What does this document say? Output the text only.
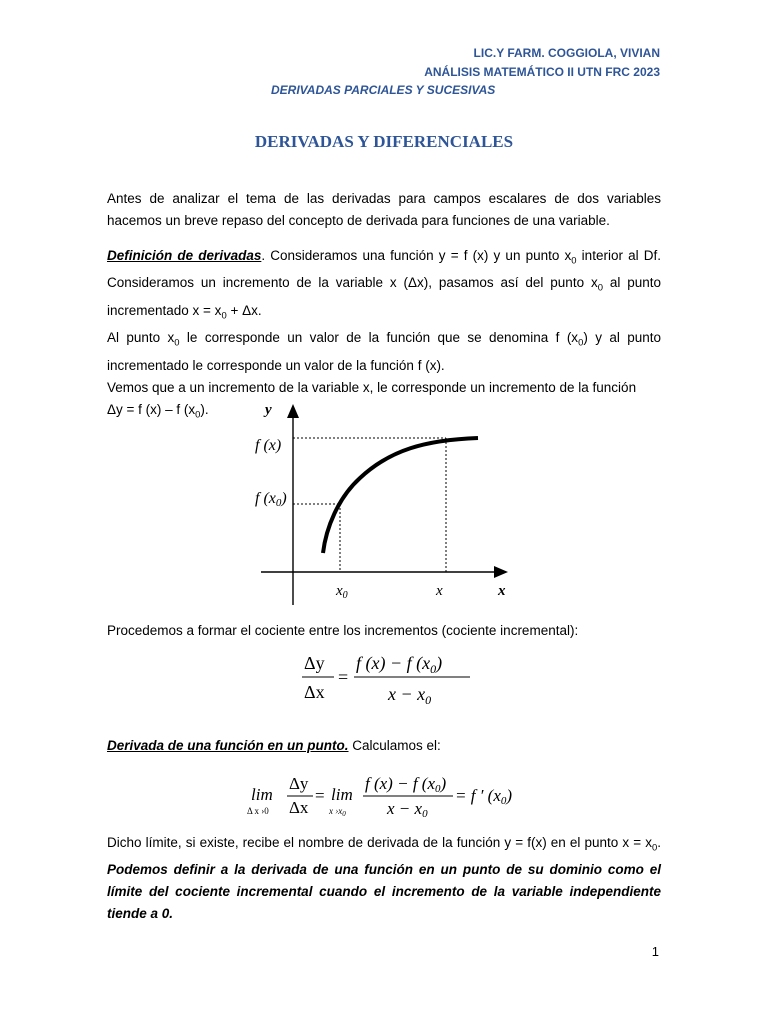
LIC.Y FARM. COGGIOLA, VIVIAN
ANÁLISIS MATEMÁTICO II UTN FRC 2023
DERIVADAS PARCIALES Y SUCESIVAS
DERIVADAS Y DIFERENCIALES
Antes de analizar el tema de las derivadas para campos escalares de dos variables hacemos un breve repaso del concepto de derivada para funciones de una variable.
Definición de derivadas. Consideramos una función y = f (x) y un punto $x_0$ interior al Df. Consideramos un incremento de la variable x (Δx), pasamos así del punto $x_0$ al punto incrementado $x = x_0 + \Delta x$.
Al punto $x_0$ le corresponde un valor de la función que se denomina f $(x_0)$ y al punto incrementado le corresponde un valor de la función f (x).
Vemos que a un incremento de la variable x, le corresponde un incremento de la función
Δy = f (x) – f $(x_0)$.	y
x
f (x)
f (x0)
$x_0$	x
Procedemos a formar el cociente entre los incrementos (cociente incremental):
Δy
Δx
=
f (x) − f $(x_0)$
$x - x_0$
Derivada de una función en un punto. Calculamos el:
lim
Δ x ›0
Δy
Δx
= lim
x $›x_0$
f (x) − f (x0)
x − x0
= f ′ (x0)
Dicho límite, si existe, recibe el nombre de derivada de la función y = f(x) en el punto $x = x_0$. Podemos definir a la derivada de una función en un punto de su dominio como el límite del cociente incremental cuando el incremento de la variable independiente tiende a 0.
1
